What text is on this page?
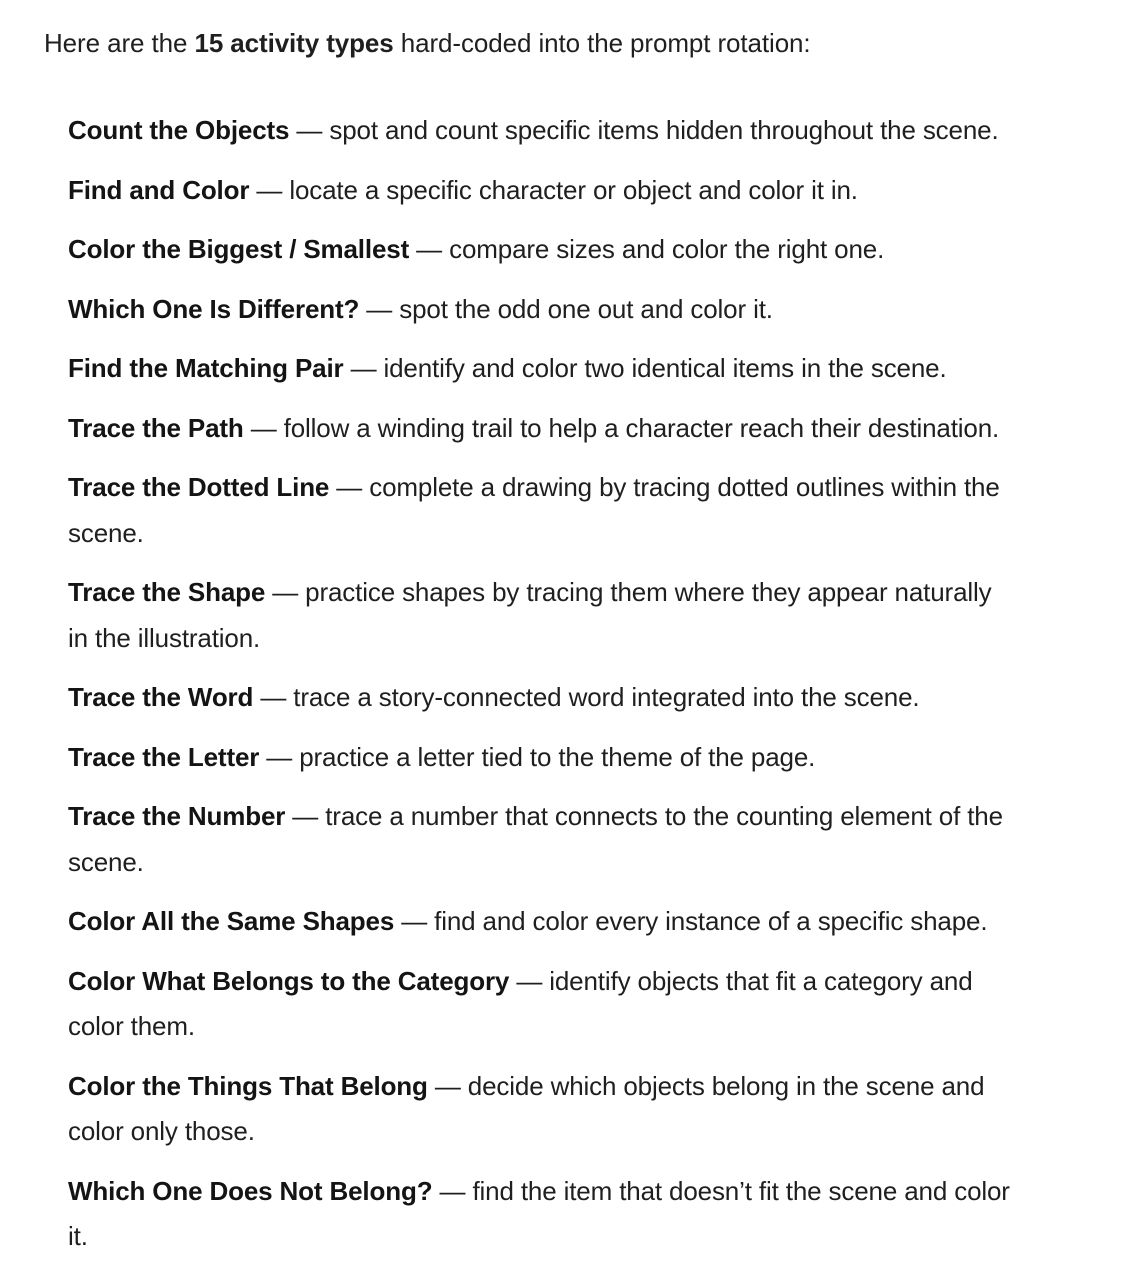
Here are the 15 activity types hard-coded into the prompt rotation:

Count the Objects — spot and count specific items hidden throughout the scene.
Find and Color — locate a specific character or object and color it in.
Color the Biggest / Smallest — compare sizes and color the right one.
Which One Is Different? — spot the odd one out and color it.
Find the Matching Pair — identify and color two identical items in the scene.
Trace the Path — follow a winding trail to help a character reach their destination.
Trace the Dotted Line — complete a drawing by tracing dotted outlines within the scene.
Trace the Shape — practice shapes by tracing them where they appear naturally in the illustration.
Trace the Word — trace a story-connected word integrated into the scene.
Trace the Letter — practice a letter tied to the theme of the page.
Trace the Number — trace a number that connects to the counting element of the scene.
Color All the Same Shapes — find and color every instance of a specific shape.
Color What Belongs to the Category — identify objects that fit a category and color them.
Color the Things That Belong — decide which objects belong in the scene and color only those.
Which One Does Not Belong? — find the item that doesn’t fit the scene and color it.
